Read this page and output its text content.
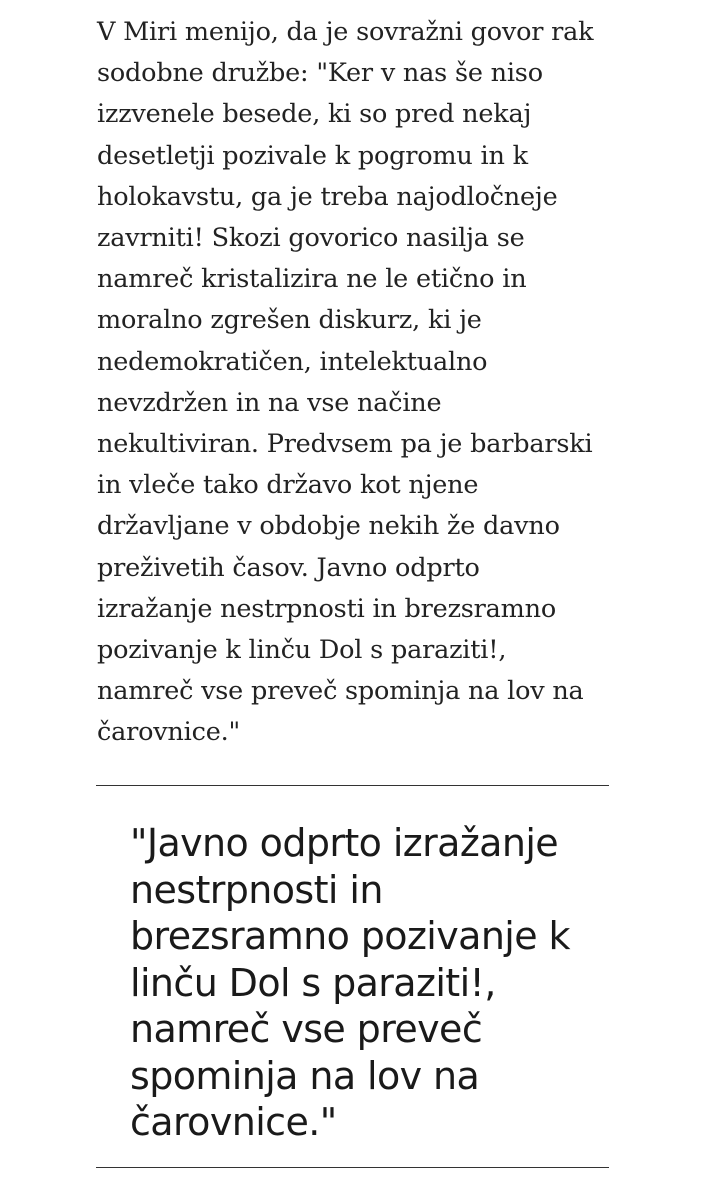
V Miri menijo, da je sovražni govor rak
sodobne družbe: "Ker v nas še niso
izzvenele besede, ki so pred nekaj
desetletji pozivale k pogromu in k
holokavstu, ga je treba najodločneje
zavrniti! Skozi govorico nasilja se
namreč kristalizira ne le etično in
moralno zgrešen diskurz, ki je
nedemokratičen, intelektualno
nevzdržen in na vse načine
nekultiviran. Predvsem pa je barbarski
in vleče tako državo kot njene
državljane v obdobje nekih že davno
preživetih časov. Javno odprto
izražanje nestrpnosti in brezsramno
pozivanje k linču Dol s paraziti!,
namreč vse preveč spominja na lov na
čarovnice."

"Javno odprto izražanje
nestrpnosti in
brezsramno pozivanje k
linču Dol s paraziti!,
namreč vse preveč
spominja na lov na
čarovnice."
